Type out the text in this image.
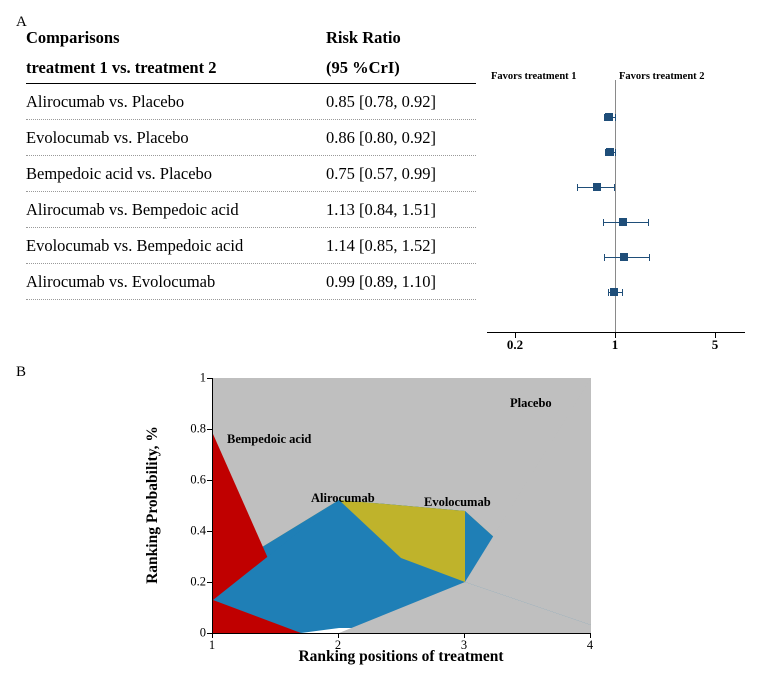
A
Comparisons	Risk Ratio
treatment 1 vs. treatment 2	(95 %CrI)
Alirocumab vs. Placebo	0.85 [0.78, 0.92]
Evolocumab vs. Placebo	0.86 [0.80, 0.92]
Bempedoic acid vs. Placebo	0.75 [0.57, 0.99]
Alirocumab vs. Bempedoic acid	1.13 [0.84, 1.51]
Evolocumab vs. Bempedoic acid	1.14 [0.85, 1.52]
Alirocumab vs. Evolocumab	0.99 [0.89, 1.10]
Favors treatment 1	Favors treatment 2
0.2	1	5
B
Ranking Probability, %
Ranking positions of treatment
0
0.2
0.4
0.6
0.8
1
1	2	3	4
Bempedoic acid
Alirocumab	Evolocumab
Placebo
